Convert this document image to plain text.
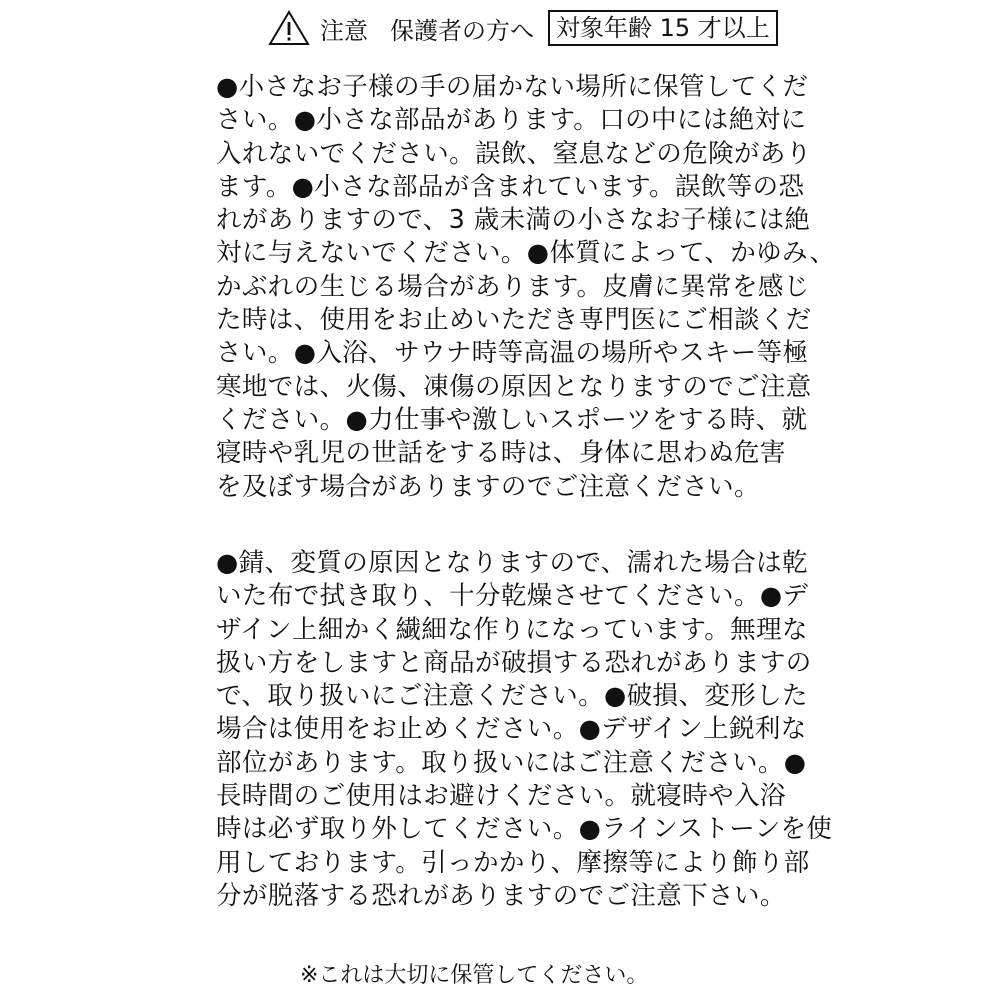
注意 保護者の方へ 対象年齢 15 才以上
●小さなお子様の手の届かない場所に保管してくだ
さい。●小さな部品があります。口の中には絶対に
入れないでください。誤飲、窒息などの危険があり
ます。●小さな部品が含まれています。誤飲等の恐
れがありますので、3 歳未満の小さなお子様には絶
対に与えないでください。●体質によって、かゆみ、
かぶれの生じる場合があります。皮膚に異常を感じ
た時は、使用をお止めいただき専門医にご相談くだ
さい。●入浴、サウナ時等高温の場所やスキー等極
寒地では、火傷、凍傷の原因となりますのでご注意
ください。●力仕事や激しいスポーツをする時、就
寝時や乳児の世話をする時は、身体に思わぬ危害
を及ぼす場合がありますのでご注意ください。
●錆、変質の原因となりますので、濡れた場合は乾
いた布で拭き取り、十分乾燥させてください。●デ
ザイン上細かく繊細な作りになっています。無理な
扱い方をしますと商品が破損する恐れがありますの
で、取り扱いにご注意ください。●破損、変形した
場合は使用をお止めください。●デザイン上鋭利な
部位があります。取り扱いにはご注意ください。●
長時間のご使用はお避けください。就寝時や入浴
時は必ず取り外してください。●ラインストーンを使
用しております。引っかかり、摩擦等により飾り部
分が脱落する恐れがありますのでご注意下さい。
※これは大切に保管してください。
